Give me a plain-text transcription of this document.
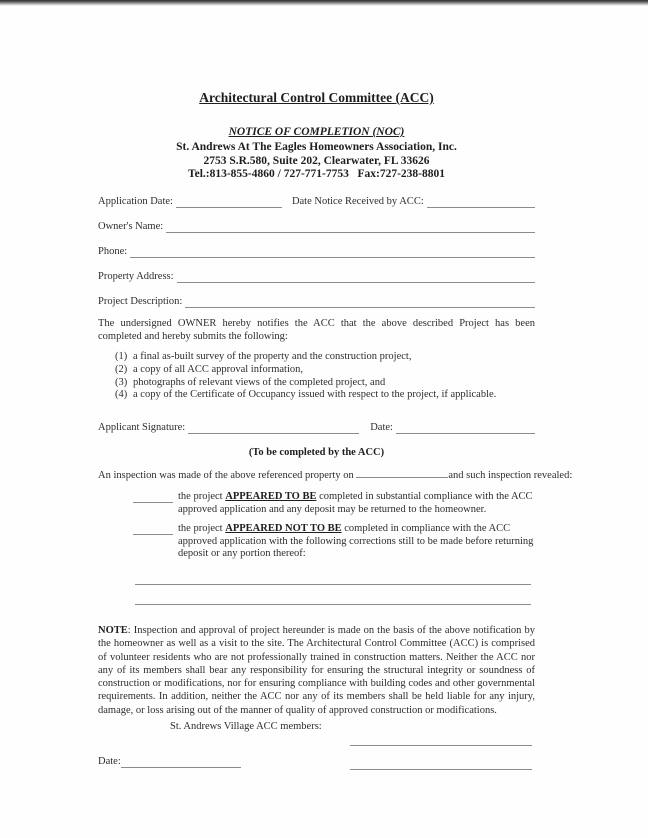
Architectural Control Committee (ACC)
NOTICE OF COMPLETION (NOC)
St. Andrews At The Eagles Homeowners Association, Inc.
2753 S.R.580, Suite 202, Clearwater, FL 33626
Tel.:813-855-4860 / 727-771-7753   Fax:727-238-8801
Application Date:	Date Notice Received by ACC:
Owner's Name:
Phone:
Property Address:
Project Description:
The undersigned OWNER hereby notifies the ACC that the above described Project has been completed and hereby submits the following:
(1) a final as-built survey of the property and the construction project,
(2) a copy of all ACC approval information,
(3) photographs of relevant views of the completed project, and
(4) a copy of the Certificate of Occupancy issued with respect to the project, if applicable.
Applicant Signature:	Date:
(To be completed by the ACC)
An inspection was made of the above referenced property on	and such inspection revealed:
the project APPEARED TO BE completed in substantial compliance with the ACC approved application and any deposit may be returned to the homeowner.
the project APPEARED NOT TO BE completed in compliance with the ACC approved application with the following corrections still to be made before returning deposit or any portion thereof:
NOTE: Inspection and approval of project hereunder is made on the basis of the above notification by the homeowner as well as a visit to the site. The Architectural Control Committee (ACC) is comprised of volunteer residents who are not professionally trained in construction matters. Neither the ACC nor any of its members shall bear any responsibility for ensuring the structural integrity or soundness of construction or modifications, nor for ensuring compliance with building codes and other governmental requirements. In addition, neither the ACC nor any of its members shall be held liable for any injury, damage, or loss arising out of the manner of quality of approved construction or modifications.
St. Andrews Village ACC members:
Date:
